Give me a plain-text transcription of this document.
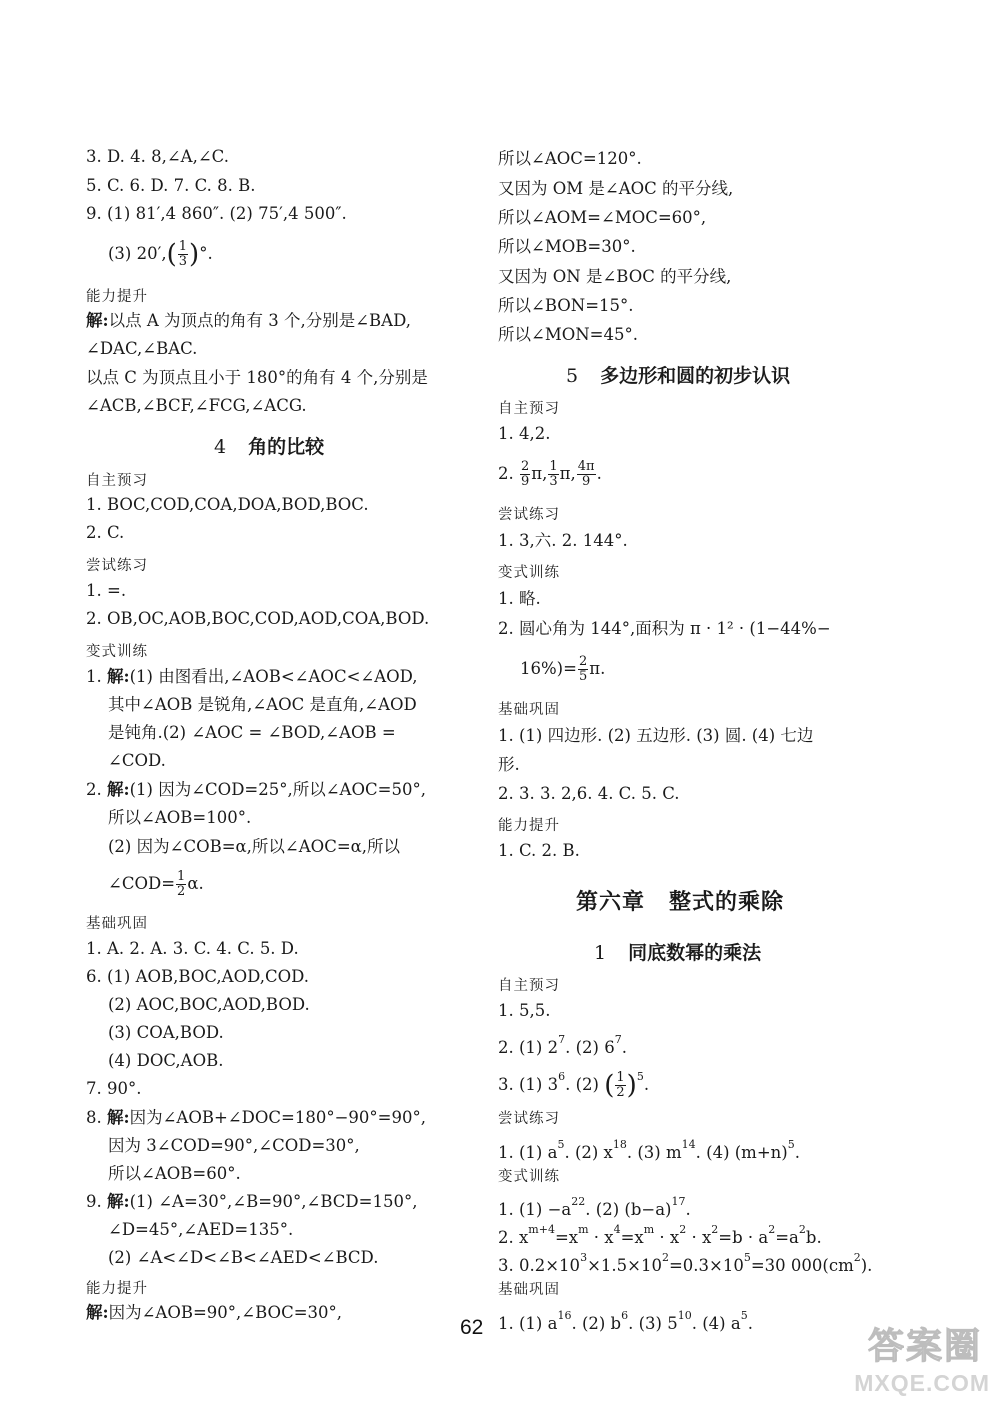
3. D. 4. 8,∠A,∠C.
5. C. 6. D. 7. C. 8. B.
9. (1) 81′,4 860″. (2) 75′,4 500″.
(3) $20',( \frac{1}{3}$ )°.
能力提升
解:以点 A 为顶点的角有 3 个,分别是∠BAD,
∠DAC,∠BAC.
以点 C 为顶点且小于 180°的角有 4 个,分别是
∠ACB,∠BCF,∠FCG,∠ACG.
4 角的比较
自主预习
1. BOC,COD,COA,DOA,BOD,BOC.
2. C.
尝试练习
1. =.
2. OB,OC,AOB,BOC,COD,AOD,COA,BOD.
变式训练
1. 解:(1) 由图看出,∠AOB<∠AOC<∠AOD,
其中∠AOB 是锐角,∠AOC 是直角,∠AOD
是钝角.(2) ∠AOC = ∠BOD,∠AOB =
∠COD.
2. 解:(1) 因为∠COD=25°,所以∠AOC=50°,
所以∠AOB=100°.
(2) 因为∠COB=α,所以∠AOC=α,所以
∠COD= $\frac{1}{2} \alpha$.
基础巩固
1. A. 2. A. 3. C. 4. C. 5. D.
6. (1) AOB,BOC,AOD,COD.
(2) AOC,BOC,AOD,BOD.
(3) COA,BOD.
(4) DOC,AOB.
7. 90°.
8. 解:因为∠AOB+∠DOC=180°−90°=90°,
因为 3∠COD=90°,∠COD=30°,
所以∠AOB=60°.
9. 解:(1) ∠A=30°,∠B=90°,∠BCD=150°,
∠D=45°,∠AED=135°.
(2) ∠A<∠D<∠B<∠AED<∠BCD.
能力提升
解:因为∠AOB=90°,∠BOC=30°,
所以∠AOC=120°.
又因为 OM 是∠AOC 的平分线,
所以∠AOM=∠MOC=60°,
所以∠MOB=30°.
又因为 ON 是∠BOC 的平分线,
所以∠BON=15°.
所以∠MON=45°.
5 多边形和圆的初步认识
自主预习
1. 4,2.
2. $\frac{2}{9} \pi$, $\frac{1}{3} \pi$, $\frac{4\pi}{9}$ .
尝试练习
1. 3,六. 2. 144°.
变式训练
1. 略.
2. 圆心角为 144°,面积为 π · 1² · (1−44%−
$16\%)= \frac{2}{5} \pi$.
基础巩固
1. (1) 四边形. (2) 五边形. (3) 圆. (4) 七边
形.
2. 3. 3. 2,6. 4. C. 5. C.
能力提升
1. C. 2. B.
第六章 整式的乘除
1 同底数幂的乘法
自主预习
1. 5,5.
2. (1) $2^7$. (2) $6^7$.
3. (1) $3^6$. (2) ( $\frac{1}{2} )^5$.
尝试练习
1. (1) $a^5$. (2) $x^{18}$. (3) $m^{14}$. (4) $(m+n)^5$.
变式训练
1. $(1) -a^{22}$. (2) $(b-a)^{17}$.
2. $x^{m+4}=x^m \cdot x^4=x^m \cdot x^2 \cdot x^2=b \cdot a^2=a^2b$.
3. $0.2\times 10^3\times 1.5\times 10^2=0.3\times 10^5=30$ $000(cm^2)$.
基础巩固
1. (1) $a^{16}$. (2) $b^6$. (3) $5^{10}$. (4) $a^5$.
62	答案圈
MXQE.COM
